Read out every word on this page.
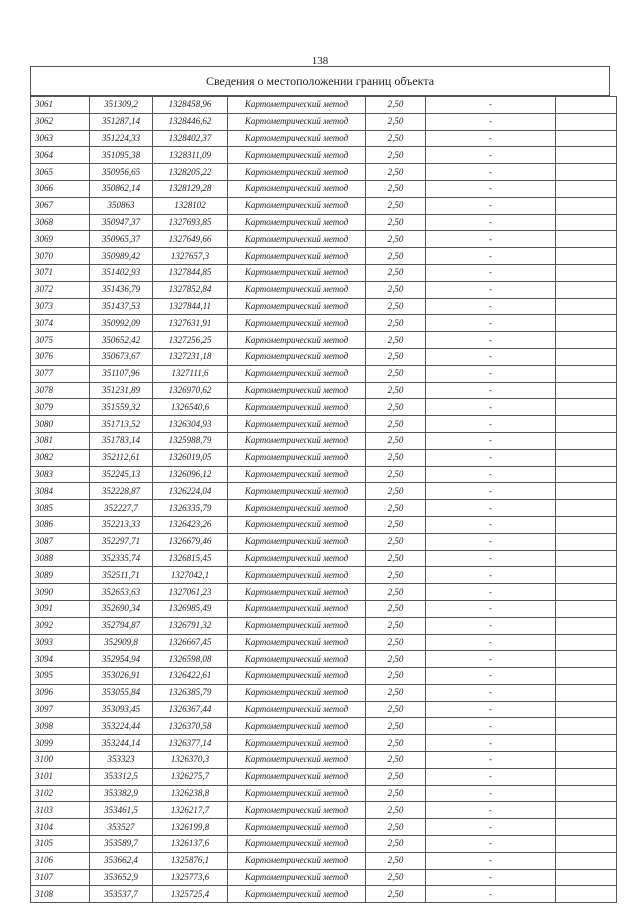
138
Сведения о местоположении границ объекта
3061	351309,2	1328458,96	Картометрический метод	2,50	-	
3062	351287,14	1328446,62	Картометрический метод	2,50	-	
3063	351224,33	1328402,37	Картометрический метод	2,50	-	
3064	351095,38	1328311,09	Картометрический метод	2,50	-	
3065	350956,65	1328205,22	Картометрический метод	2,50	-	
3066	350862,14	1328129,28	Картометрический метод	2,50	-	
3067	350863	1328102	Картометрический метод	2,50	-	
3068	350947,37	1327693,85	Картометрический метод	2,50	-	
3069	350965,37	1327649,66	Картометрический метод	2,50	-	
3070	350989,42	1327657,3	Картометрический метод	2,50	-	
3071	351402,93	1327844,85	Картометрический метод	2,50	-	
3072	351436,79	1327852,84	Картометрический метод	2,50	-	
3073	351437,53	1327844,11	Картометрический метод	2,50	-	
3074	350992,09	1327631,91	Картометрический метод	2,50	-	
3075	350652,42	1327256,25	Картометрический метод	2,50	-	
3076	350673,67	1327231,18	Картометрический метод	2,50	-	
3077	351107,96	1327111,6	Картометрический метод	2,50	-	
3078	351231,89	1326970,62	Картометрический метод	2,50	-	
3079	351559,32	1326540,6	Картометрический метод	2,50	-	
3080	351713,52	1326304,93	Картометрический метод	2,50	-	
3081	351783,14	1325988,79	Картометрический метод	2,50	-	
3082	352112,61	1326019,05	Картометрический метод	2,50	-	
3083	352245,13	1326096,12	Картометрический метод	2,50	-	
3084	352228,87	1326224,04	Картометрический метод	2,50	-	
3085	352227,7	1326335,79	Картометрический метод	2,50	-	
3086	352213,33	1326423,26	Картометрический метод	2,50	-	
3087	352297,71	1326679,46	Картометрический метод	2,50	-	
3088	352335,74	1326815,45	Картометрический метод	2,50	-	
3089	352511,71	1327042,1	Картометрический метод	2,50	-	
3090	352653,63	1327061,23	Картометрический метод	2,50	-	
3091	352690,34	1326985,49	Картометрический метод	2,50	-	
3092	352794,87	1326791,32	Картометрический метод	2,50	-	
3093	352909,8	1326667,45	Картометрический метод	2,50	-	
3094	352954,94	1326598,08	Картометрический метод	2,50	-	
3095	353026,91	1326422,61	Картометрический метод	2,50	-	
3096	353055,84	1326385,79	Картометрический метод	2,50	-	
3097	353093,45	1326367,44	Картометрический метод	2,50	-	
3098	353224,44	1326370,58	Картометрический метод	2,50	-	
3099	353244,14	1326377,14	Картометрический метод	2,50	-	
3100	353323	1326370,3	Картометрический метод	2,50	-	
3101	353312,5	1326275,7	Картометрический метод	2,50	-	
3102	353382,9	1326238,8	Картометрический метод	2,50	-	
3103	353461,5	1326217,7	Картометрический метод	2,50	-	
3104	353527	1326199,8	Картометрический метод	2,50	-	
3105	353589,7	1326137,6	Картометрический метод	2,50	-	
3106	353662,4	1325876,1	Картометрический метод	2,50	-	
3107	353652,9	1325773,6	Картометрический метод	2,50	-	
3108	353537,7	1325725,4	Картометрический метод	2,50	-	
